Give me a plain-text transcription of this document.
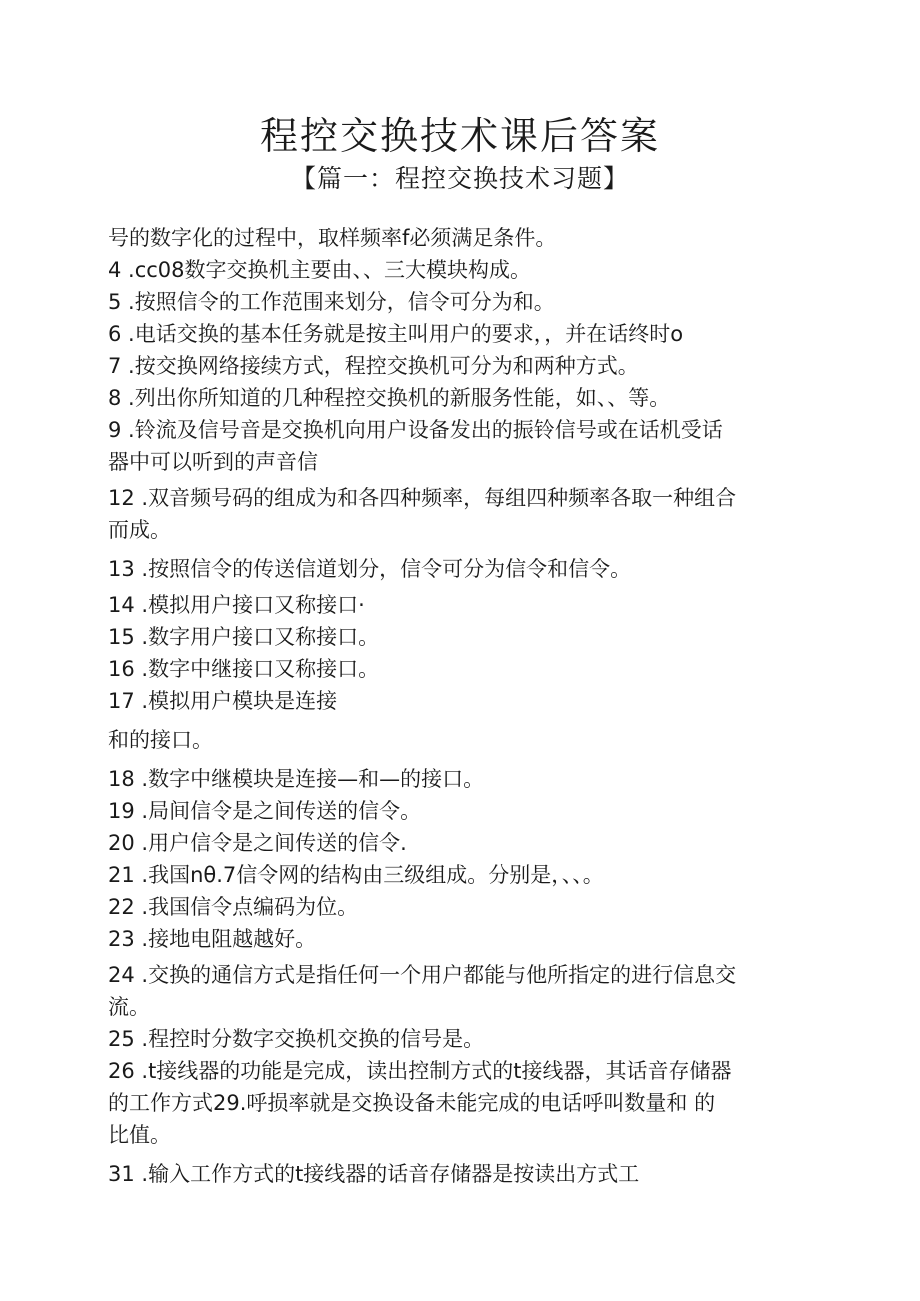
程控交换技术课后答案
【篇一：程控交换技术习题】
号的数字化的过程中，取样频率f必须满足条件。
4 .cc08数字交换机主要由、、三大模块构成。
5 .按照信令的工作范围来划分，信令可分为和。
6 .电话交换的基本任务就是按主叫用户的要求，，并在话终时o
7 .按交换网络接续方式，程控交换机可分为和两种方式。
8 .列出你所知道的几种程控交换机的新服务性能，如、、等。
9 .铃流及信号音是交换机向用户设备发出的振铃信号或在话机受话
器中可以听到的声音信
12 .双音频号码的组成为和各四种频率，每组四种频率各取一种组合
而成。
13 .按照信令的传送信道划分，信令可分为信令和信令。
14 .模拟用户接口又称接口·
15 .数字用户接口又称接口。
16 .数字中继接口又称接口。
17 .模拟用户模块是连接
和的接口。
18 .数字中继模块是连接—和—的接口。
19 .局间信令是之间传送的信令。
20 .用户信令是之间传送的信令.
21 .我国nθ.7信令网的结构由三级组成。分别是，、、。
22 .我国信令点编码为位。
23 .接地电阻越越好。
24 .交换的通信方式是指任何一个用户都能与他所指定的进行信息交
流。
25 .程控时分数字交换机交换的信号是。
26 .t接线器的功能是完成，读出控制方式的t接线器，其话音存储器
的工作方式29.呼损率就是交换设备未能完成的电话呼叫数量和 的
比值。
31 .输入工作方式的t接线器的话音存储器是按读出方式工
